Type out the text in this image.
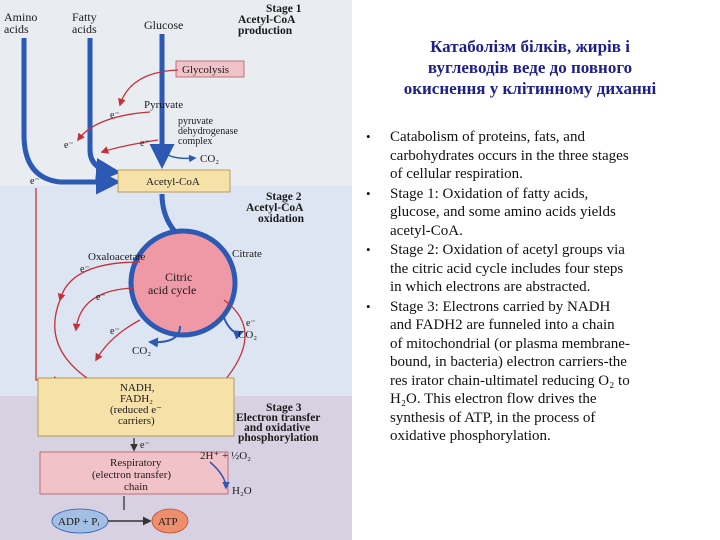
Stage 1
Acetyl-CoA
production
Stage 2
Acetyl-CoA
oxidation
Stage 3
Electron transfer
and oxidative
phosphorylation
Amino
acids
Fatty
acids	Glucose
Glycolysis
Pyruvate
pyruvate
dehydrogenase
complex
CO₂
e⁻
e⁻	e⁻
e⁻	Acetyl-CoA
Citric
acid cycle
Oxaloacetate	Citrate
CO₂
CO₂
e⁻
e⁻
e⁻
e⁻
NADH,
FADH₂
(reduced e⁻
carriers)
e⁻
Respiratory
(electron transfer)
chain
2H⁺ + ½O₂
H₂O
ADP + Pᵢ	ATP
Катаболізм білків, жирів і
вуглеводів веде до повного
окиснення у клітинному диханні
• Catabolism of proteins, fats, and
carbohydrates occurs in the three stages
of cellular respiration.
• Stage 1: Oxidation of fatty acids,
glucose, and some amino acids yields
acetyl-CoA.
• Stage 2: Oxidation of acetyl groups via
the citric acid cycle includes four steps
in which electrons are abstracted.
• Stage 3: Electrons carried by NADH
and FADH2 are funneled into a chain
of mitochondrial (or plasma membrane-
bound, in bacteria) electron carriers-the
res irator chain-ultimatel reducing O₂ to
H₂O. This electron flow drives the
synthesis of ATP, in the process of
oxidative phosphorylation.
